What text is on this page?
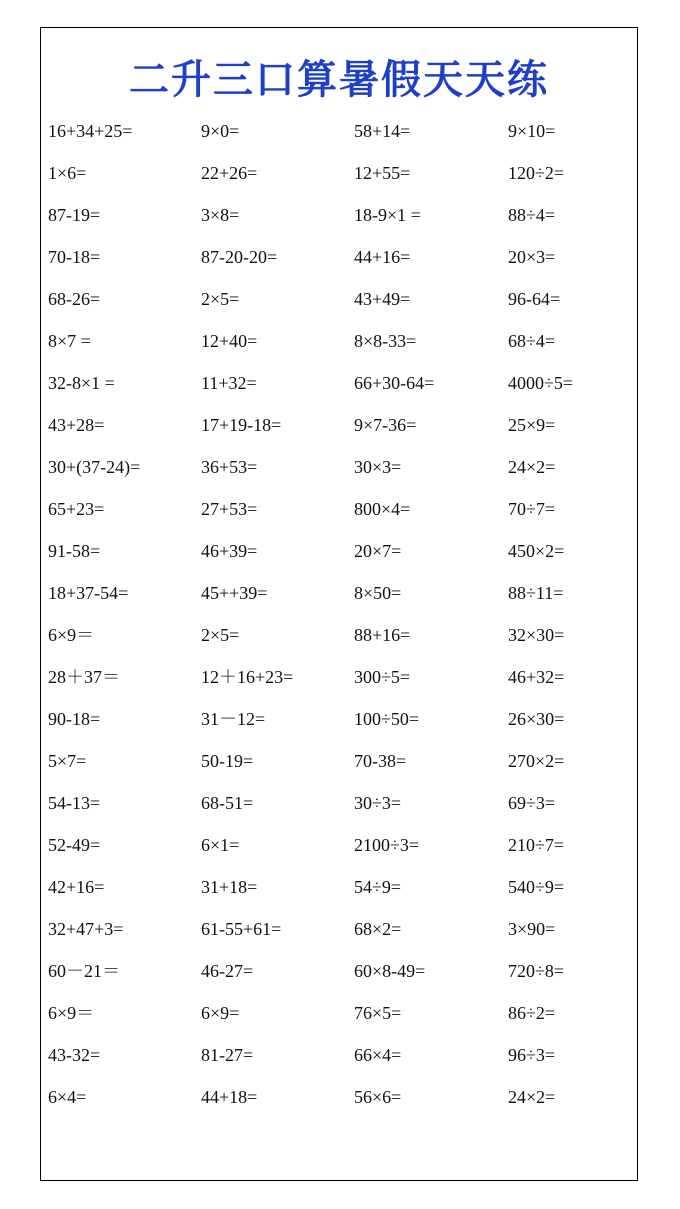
二升三口算暑假天天练
16+34+25=	9×0=	58+14=	9×10=
1×6=	22+26=	12+55=	120÷2=
87-19=	3×8=	18-9×1 =	88÷4=
70-18=	87-20-20=	44+16=	20×3=
68-26=	2×5=	43+49=	96-64=
8×7 =	12+40=	8×8-33=	68÷4=
32-8×1 =	11+32=	66+30-64=	4000÷5=
43+28=	17+19-18=	9×7-36=	25×9=
30+(37-24)=	36+53=	30×3=	24×2=
65+23=	27+53=	800×4=	70÷7=
91-58=	46+39=	20×7=	450×2=
18+37-54=	45++39=	8×50=	88÷11=
6×9＝	2×5=	88+16=	32×30=
28＋37＝	12＋16+23=	300÷5=	46+32=
90-18=	31－12=	100÷50=	26×30=
5×7=	50-19=	70-38=	270×2=
54-13=	68-51=	30÷3=	69÷3=
52-49=	6×1=	2100÷3=	210÷7=
42+16=	31+18=	54÷9=	540÷9=
32+47+3=	61-55+61=	68×2=	3×90=
60－21＝	46-27=	60×8-49=	720÷8=
6×9＝	6×9=	76×5=	86÷2=
43-32=	81-27=	66×4=	96÷3=
6×4=	44+18=	56×6=	24×2=
